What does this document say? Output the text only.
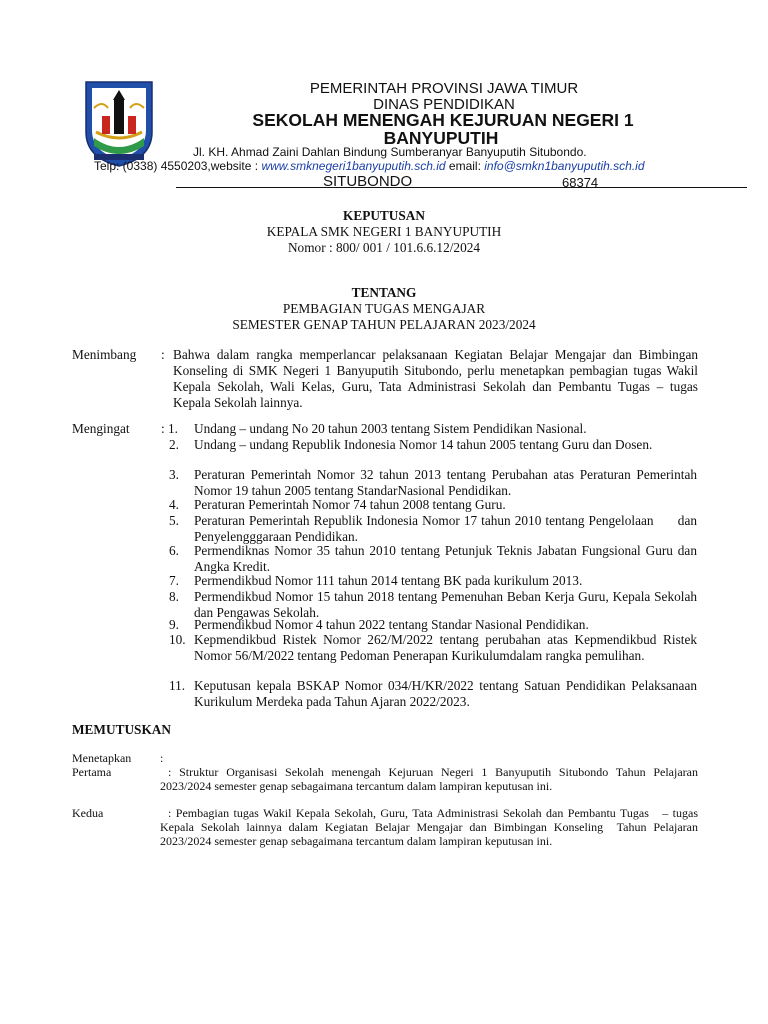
PEMERINTAH PROVINSI JAWA TIMUR
DINAS PENDIDIKAN
SEKOLAH MENENGAH KEJURUAN NEGERI 1
BANYUPUTIH
Jl. KH. Ahmad Zaini Dahlan Bindung Sumberanyar Banyuputih Situbondo.
Telp: (0338) 4550203,website : www.smknegeri1banyuputih.sch.id email: info@smkn1banyuputih.sch.id
SITUBONDO	68374
KEPUTUSAN
KEPALA SMK NEGERI 1 BANYUPUTIH
Nomor : 800/ 001 / 101.6.6.12/2024
TENTANG
PEMBAGIAN TUGAS MENGAJAR
SEMESTER GENAP TAHUN PELAJARAN 2023/2024
Menimbang : Bahwa dalam rangka memperlancar pelaksanaan Kegiatan Belajar Mengajar dan Bimbingan Konseling di SMK Negeri 1 Banyuputih Situbondo, perlu menetapkan pembagian tugas Wakil Kepala Sekolah, Wali Kelas, Guru, Tata Administrasi Sekolah dan Pembantu Tugas – tugas Kepala Sekolah lainnya.
Mengingat : 1. Undang – undang No 20 tahun 2003 tentang Sistem Pendidikan Nasional.
2. Undang – undang Republik Indonesia Nomor 14 tahun 2005 tentang Guru dan Dosen.
3. Peraturan Pemerintah Nomor 32 tahun 2013 tentang Perubahan atas Peraturan Pemerintah Nomor 19 tahun 2005 tentang StandarNasional Pendidikan.
4. Peraturan Pemerintah Nomor 74 tahun 2008 tentang Guru.
5. Peraturan Pemerintah Republik Indonesia Nomor 17 tahun 2010 tentang Pengelolaan      dan Penyelengggaraan Pendidikan.
6. Permendiknas Nomor 35 tahun 2010 tentang Petunjuk Teknis Jabatan Fungsional Guru dan Angka Kredit.
7. Permendikbud Nomor 111 tahun 2014 tentang BK pada kurikulum 2013.
8. Permendikbud Nomor 15 tahun 2018 tentang Pemenuhan Beban Kerja Guru, Kepala Sekolah dan Pengawas Sekolah.
9. Permendikbud Nomor 4 tahun 2022 tentang Standar Nasional Pendidikan.
10. Kepmendikbud Ristek Nomor 262/M/2022 tentang perubahan atas Kepmendikbud Ristek Nomor 56/M/2022 tentang Pedoman Penerapan Kurikulumdalam rangka pemulihan.
11. Keputusan kepala BSKAP Nomor 034/H/KR/2022 tentang Satuan Pendidikan Pelaksanaan Kurikulum Merdeka pada Tahun Ajaran 2022/2023.
MEMUTUSKAN
Menetapkan :
Pertama	: Struktur Organisasi Sekolah menengah Kejuruan Negeri 1 Banyuputih Situbondo Tahun Pelajaran 2023/2024 semester genap sebagaimana tercantum dalam lampiran keputusan ini.
Kedua	: Pembagian tugas Wakil Kepala Sekolah, Guru, Tata Administrasi Sekolah dan Pembantu Tugas   – tugas Kepala Sekolah lainnya dalam Kegiatan Belajar Mengajar dan Bimbingan Konseling  Tahun Pelajaran 2023/2024 semester genap sebagaimana tercantum dalam lampiran keputusan ini.
